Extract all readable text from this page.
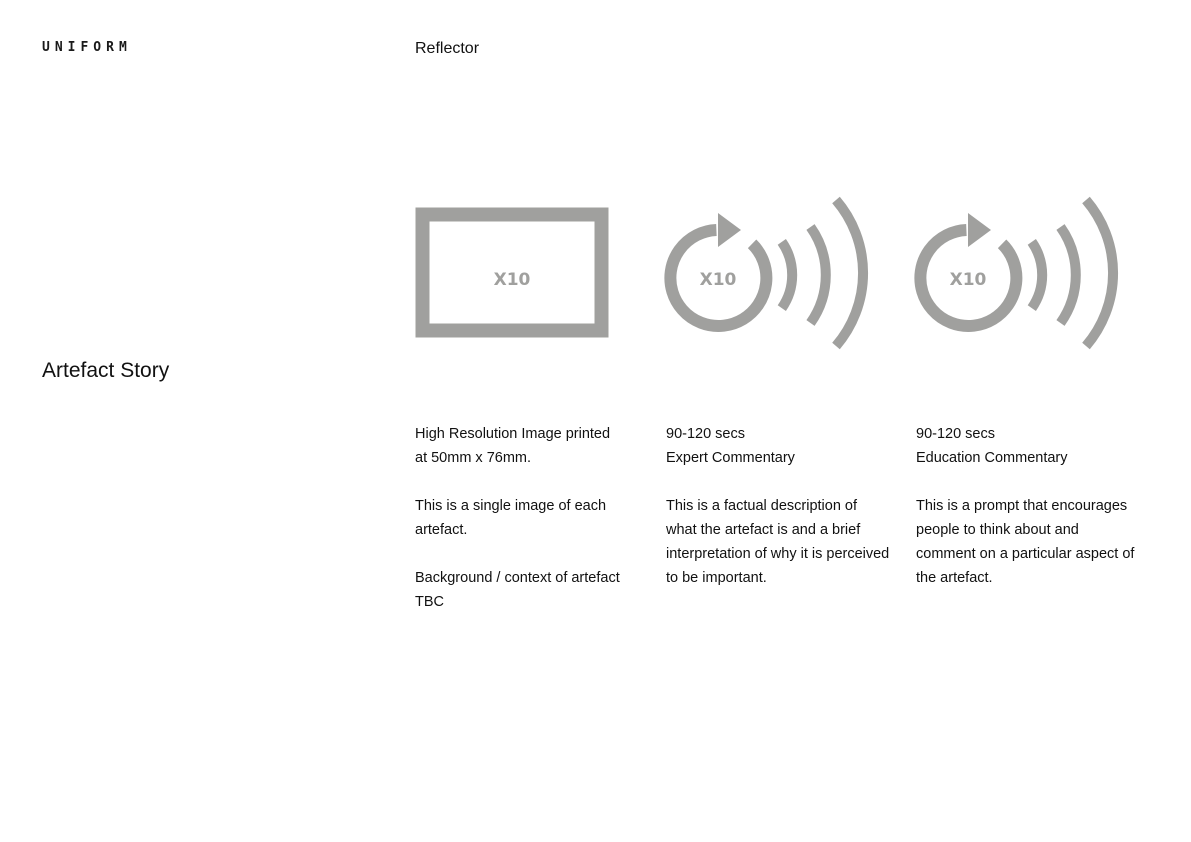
UNIFORM	Reflector
Artefact Story
X10	X10	X10

High Resolution Image printed
at 50mm x 76mm.

This is a single image of each
artefact.

Background / context of artefact
TBC

90-120 secs
Expert Commentary

This is a factual description of
what the artefact is and a brief
interpretation of why it is perceived
to be important.

90-120 secs
Education Commentary

This is a prompt that encourages
people to think about and
comment on a particular aspect of
the artefact.
